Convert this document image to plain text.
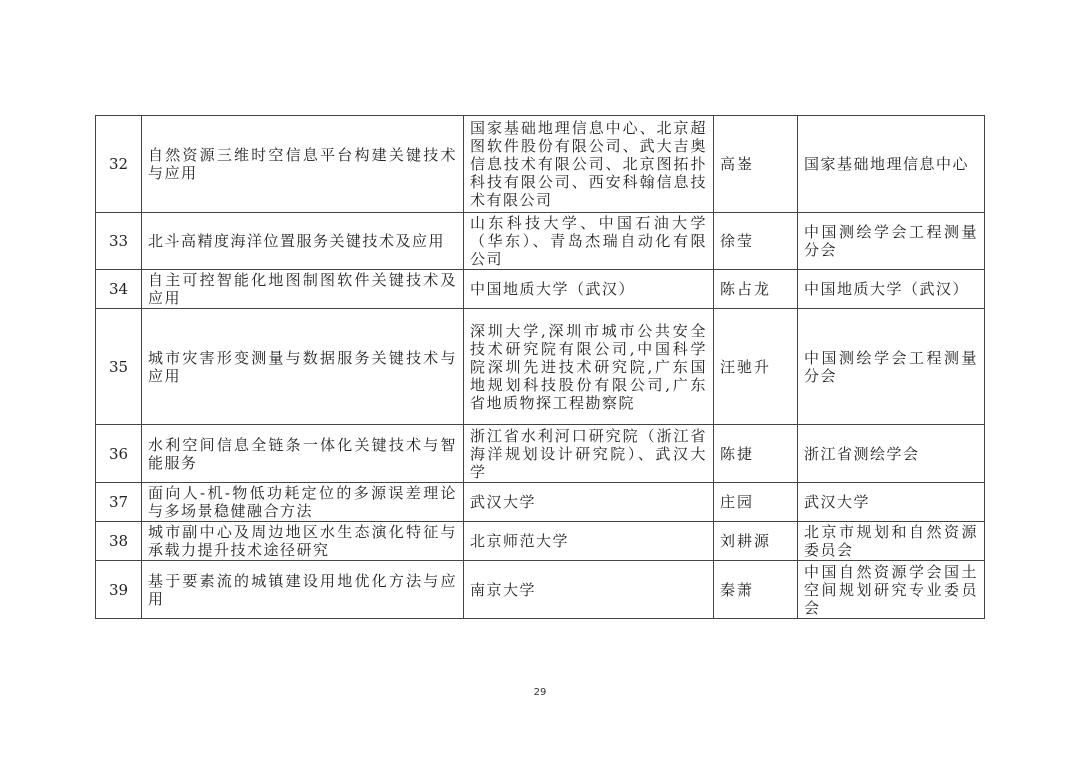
32	自然资源三维时空信息平台构建关键技术与应用	国家基础地理信息中心、北京超图软件股份有限公司、武大吉奥信息技术有限公司、北京图拓扑科技有限公司、西安科翰信息技术有限公司	高崟	国家基础地理信息中心
33	北斗高精度海洋位置服务关键技术及应用	山东科技大学、中国石油大学（华东）、青岛杰瑞自动化有限公司	徐莹	中国测绘学会工程测量分会
34	自主可控智能化地图制图软件关键技术及应用	中国地质大学（武汉）	陈占龙	中国地质大学（武汉）
35	城市灾害形变测量与数据服务关键技术与应用	深圳大学,深圳市城市公共安全技术研究院有限公司,中国科学院深圳先进技术研究院,广东国地规划科技股份有限公司,广东省地质物探工程勘察院	汪驰升	中国测绘学会工程测量分会
36	水利空间信息全链条一体化关键技术与智能服务	浙江省水利河口研究院（浙江省海洋规划设计研究院）、武汉大学	陈捷	浙江省测绘学会
37	面向人-机-物低功耗定位的多源误差理论与多场景稳健融合方法	武汉大学	庄园	武汉大学
38	城市副中心及周边地区水生态演化特征与承载力提升技术途径研究	北京师范大学	刘耕源	北京市规划和自然资源委员会
39	基于要素流的城镇建设用地优化方法与应用	南京大学	秦萧	中国自然资源学会国土空间规划研究专业委员会
29
